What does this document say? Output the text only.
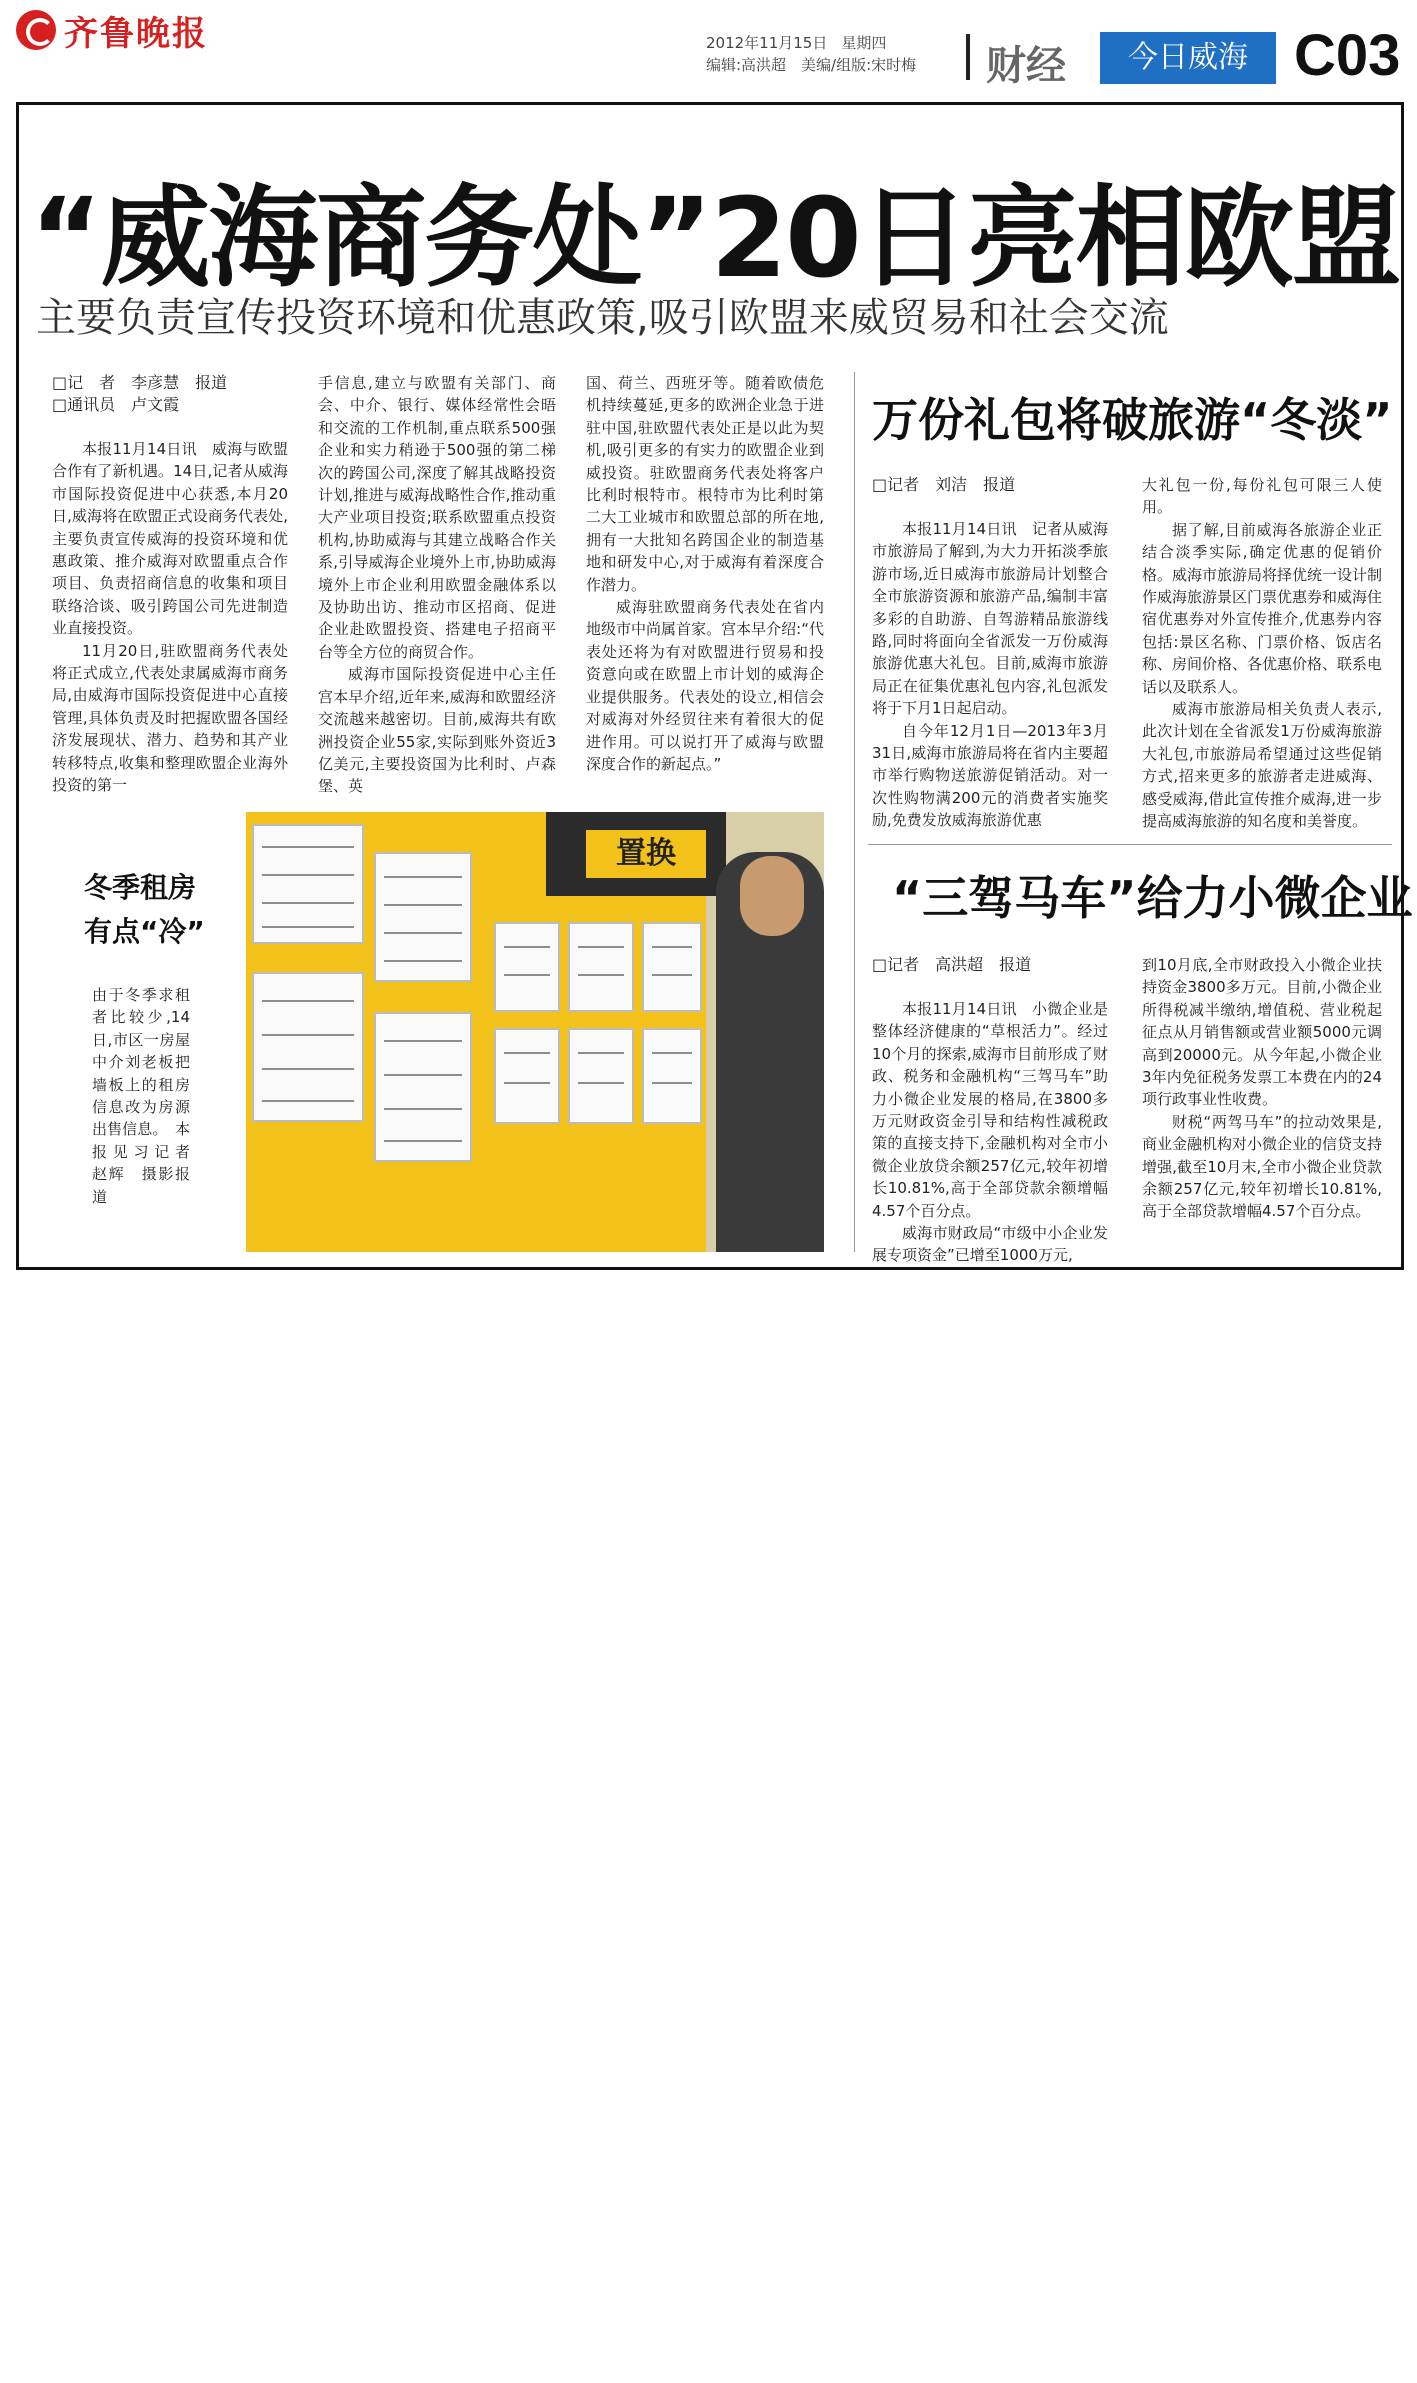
齐鲁晚报	2012年11月15日 星期四
编辑:高洪超　美编/组版:宋时梅 财经	今日威海 C03
“威海商务处”20日亮相欧盟
主要负责宣传投资环境和优惠政策,吸引欧盟来威贸易和社会交流

□记　者　李彦慧　报道

□通讯员　卢文霞

本报11月14日讯　威海与欧盟合作有了新机遇。14日,记者从威海市国际投资促进中心获悉,本月20日,威海将在欧盟正式设商务代表处,主要负责宣传威海的投资环境和优惠政策、推介威海对欧盟重点合作项目、负责招商信息的收集和项目联络洽谈、吸引跨国公司先进制造业直接投资。

11月20日,驻欧盟商务代表处将正式成立,代表处隶属威海市商务局,由威海市国际投资促进中心直接管理,具体负责及时把握欧盟各国经济发展现状、潜力、趋势和其产业转移特点,收集和整理欧盟企业海外投资的第一

手信息,建立与欧盟有关部门、商会、中介、银行、媒体经常性会晤和交流的工作机制,重点联系500强企业和实力稍逊于500强的第二梯次的跨国公司,深度了解其战略投资计划,推进与威海战略性合作,推动重大产业项目投资;联系欧盟重点投资机构,协助威海与其建立战略合作关系,引导威海企业境外上市,协助威海境外上市企业利用欧盟金融体系以及协助出访、推动市区招商、促进企业赴欧盟投资、搭建电子招商平台等全方位的商贸合作。

威海市国际投资促进中心主任宫本早介绍,近年来,威海和欧盟经济交流越来越密切。目前,威海共有欧洲投资企业55家,实际到账外资近3亿美元,主要投资国为比利时、卢森堡、英

国、荷兰、西班牙等。随着欧债危机持续蔓延,更多的欧洲企业急于进驻中国,驻欧盟代表处正是以此为契机,吸引更多的有实力的欧盟企业到威投资。驻欧盟商务代表处将客户比利时根特市。根特市为比利时第二大工业城市和欧盟总部的所在地,拥有一大批知名跨国企业的制造基地和研发中心,对于威海有着深度合作潜力。

威海驻欧盟商务代表处在省内地级市中尚属首家。宫本早介绍:“代表处还将为有对欧盟进行贸易和投资意向或在欧盟上市计划的威海企业提供服务。代表处的设立,相信会对威海对外经贸往来有着很大的促进作用。可以说打开了威海与欧盟深度合作的新起点。”

万份礼包将破旅游“冬淡”

□记者　刘洁　报道

本报11月14日讯　记者从威海市旅游局了解到,为大力开拓淡季旅游市场,近日威海市旅游局计划整合全市旅游资源和旅游产品,编制丰富多彩的自助游、自驾游精品旅游线路,同时将面向全省派发一万份威海旅游优惠大礼包。目前,威海市旅游局正在征集优惠礼包内容,礼包派发将于下月1日起启动。

自今年12月1日—2013年3月31日,威海市旅游局将在省内主要超市举行购物送旅游促销活动。对一次性购物满200元的消费者实施奖励,免费发放威海旅游优惠

大礼包一份,每份礼包可限三人使用。

据了解,目前威海各旅游企业正结合淡季实际,确定优惠的促销价格。威海市旅游局将择优统一设计制作威海旅游景区门票优惠券和威海住宿优惠券对外宣传推介,优惠券内容包括:景区名称、门票价格、饭店名称、房间价格、各优惠价格、联系电话以及联系人。

威海市旅游局相关负责人表示,此次计划在全省派发1万份威海旅游大礼包,市旅游局希望通过这些促销方式,招来更多的旅游者走进威海、感受威海,借此宣传推介威海,进一步提高威海旅游的知名度和美誉度。

“三驾马车”给力小微企业

□记者　高洪超　报道

本报11月14日讯　小微企业是整体经济健康的“草根活力”。经过10个月的探索,威海市目前形成了财政、税务和金融机构“三驾马车”助力小微企业发展的格局,在3800多万元财政资金引导和结构性减税政策的直接支持下,金融机构对全市小微企业放贷余额257亿元,较年初增长10.81%,高于全部贷款余额增幅4.57个百分点。

威海市财政局“市级中小企业发展专项资金”已增至1000万元,

到10月底,全市财政投入小微企业扶持资金3800多万元。目前,小微企业所得税减半缴纳,增值税、营业税起征点从月销售额或营业额5000元调高到20000元。从今年起,小微企业3年内免征税务发票工本费在内的24项行政事业性收费。

财税“两驾马车”的拉动效果是,商业金融机构对小微企业的信贷支持增强,截至10月末,全市小微企业贷款余额257亿元,较年初增长10.81%,高于全部贷款增幅4.57个百分点。

冬季租房
有点“冷”
由于冬季求租者比较少,14日,市区一房屋中介刘老板把墙板上的租房信息改为房源出售信息。　本报见习记者　赵辉　摄影报道
置换
